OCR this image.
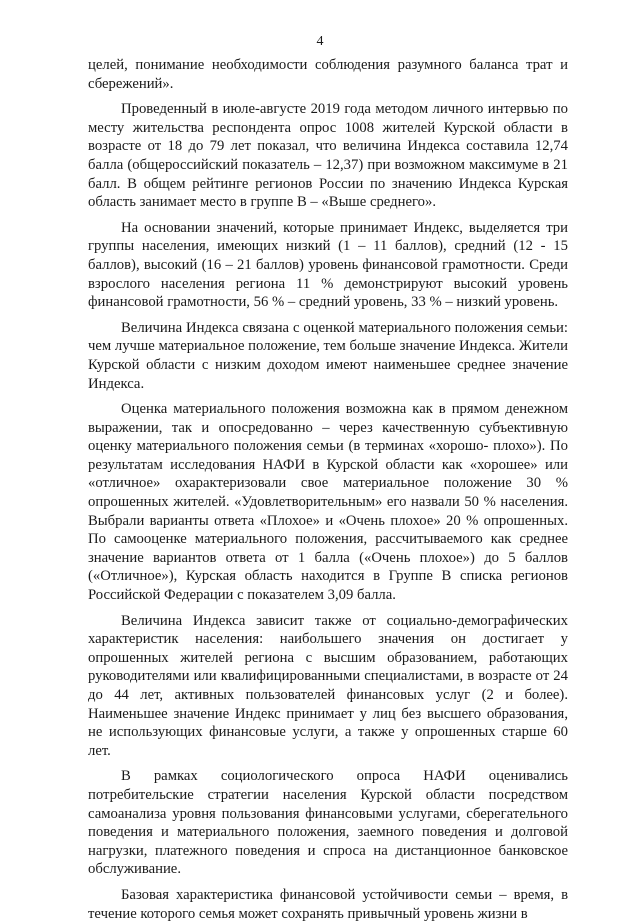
4

целей, понимание необходимости соблюдения разумного баланса трат и сбережений».

Проведенный в июле-августе 2019 года методом личного интервью по месту жительства респондента опрос 1008 жителей Курской области в возрасте от 18 до 79 лет показал, что величина Индекса составила 12,74 балла (общероссийский показатель – 12,37) при возможном максимуме в 21 балл. В общем рейтинге регионов России по значению Индекса Курская область занимает место в группе В – «Выше среднего».

На основании значений, которые принимает Индекс, выделяется три группы населения, имеющих низкий (1 – 11 баллов), средний (12 - 15 баллов), высокий (16 – 21 баллов) уровень финансовой грамотности. Среди взрослого населения региона 11 % демонстрируют высокий уровень финансовой грамотности, 56 % – средний уровень, 33 % – низкий уровень.

Величина Индекса связана с оценкой материального положения семьи: чем лучше материальное положение, тем больше значение Индекса. Жители Курской области с низким доходом имеют наименьшее среднее значение Индекса.

Оценка материального положения возможна как в прямом денежном выражении, так и опосредованно – через качественную субъективную оценку материального положения семьи (в терминах «хорошо- плохо»). По результатам исследования НАФИ в Курской области как «хорошее» или «отличное» охарактеризовали свое материальное положение 30 % опрошенных жителей. «Удовлетворительным» его назвали 50 % населения. Выбрали варианты ответа «Плохое» и «Очень плохое» 20 % опрошенных. По самооценке материального положения, рассчитываемого как среднее значение вариантов ответа от 1 балла («Очень плохое») до 5 баллов («Отличное»), Курская область находится в Группе В списка регионов Российской Федерации с показателем 3,09 балла.

Величина Индекса зависит также от социально-демографических характеристик населения: наибольшего значения он достигает у опрошенных жителей региона с высшим образованием, работающих руководителями или квалифицированными специалистами, в возрасте от 24 до 44 лет, активных пользователей финансовых услуг (2 и более). Наименьшее значение Индекс принимает у лиц без высшего образования, не использующих финансовые услуги, а также у опрошенных старше 60 лет.

В рамках социологического опроса НАФИ оценивались потребительские стратегии населения Курской области посредством самоанализа уровня пользования финансовыми услугами, сберегательного поведения и материального положения, заемного поведения и долговой нагрузки, платежного поведения и спроса на дистанционное банковское обслуживание.

Базовая характеристика финансовой устойчивости семьи – время, в течение которого семья может сохранять привычный уровень жизни в
